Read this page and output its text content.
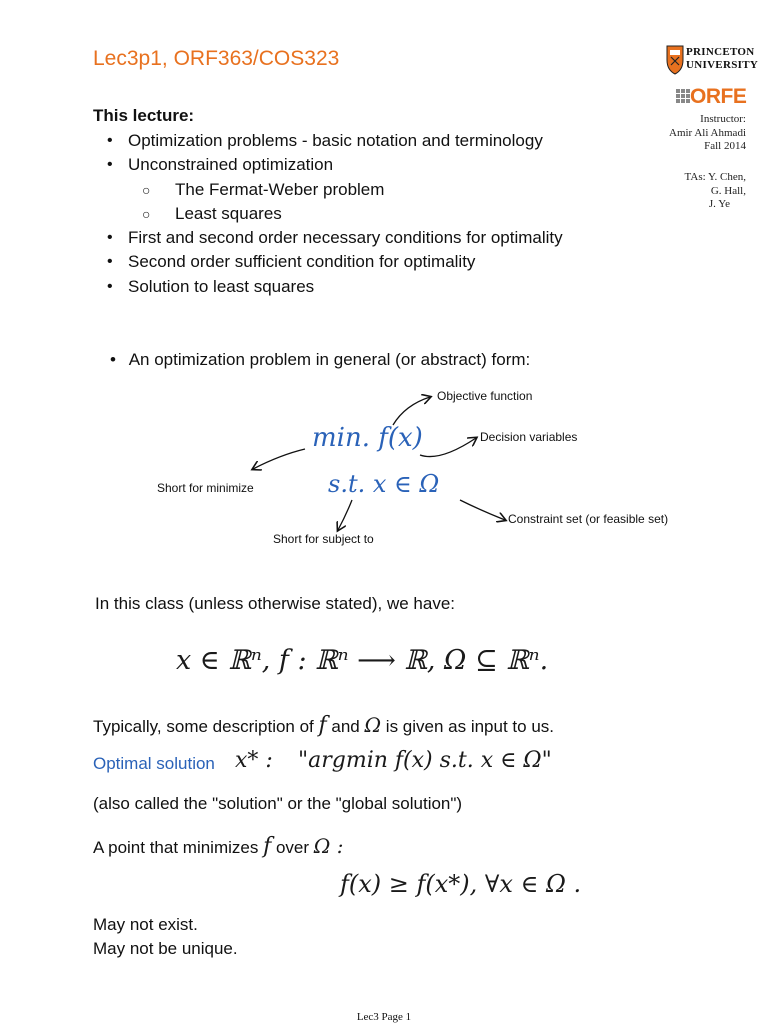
Lec3p1, ORF363/COS323	PRINCETON UNIVERSITY
ORFE
Instructor:
Amir Ali Ahmadi
Fall 2014
TAs: Y. Chen,
G. Hall,
J. Ye
This lecture:
• Optimization problems - basic notation and terminology
• Unconstrained optimization
○ The Fermat-Weber problem
○ Least squares
• First and second order necessary conditions for optimality
• Second order sufficient condition for optimality
• Solution to least squares
• An optimization problem in general (or abstract) form:
min. f(x)
s.t. x ∈ Ω
Objective function
Decision variables
Short for minimize
Constraint set (or feasible set)
Short for subject to
In this class (unless otherwise stated), we have:
x ∈ ℝⁿ, f : ℝⁿ ⟶ ℝ, Ω ⊆ ℝⁿ.
Typically, some description of f and Ω is given as input to us.
Optimal solution x* : "argmin f(x) s.t. x ∈ Ω"
(also called the "solution" or the "global solution")
A point that minimizes f over Ω :
f(x) ≥ f(x*), ∀x ∈ Ω .
May not exist.
May not be unique.
Lec3 Page 1
